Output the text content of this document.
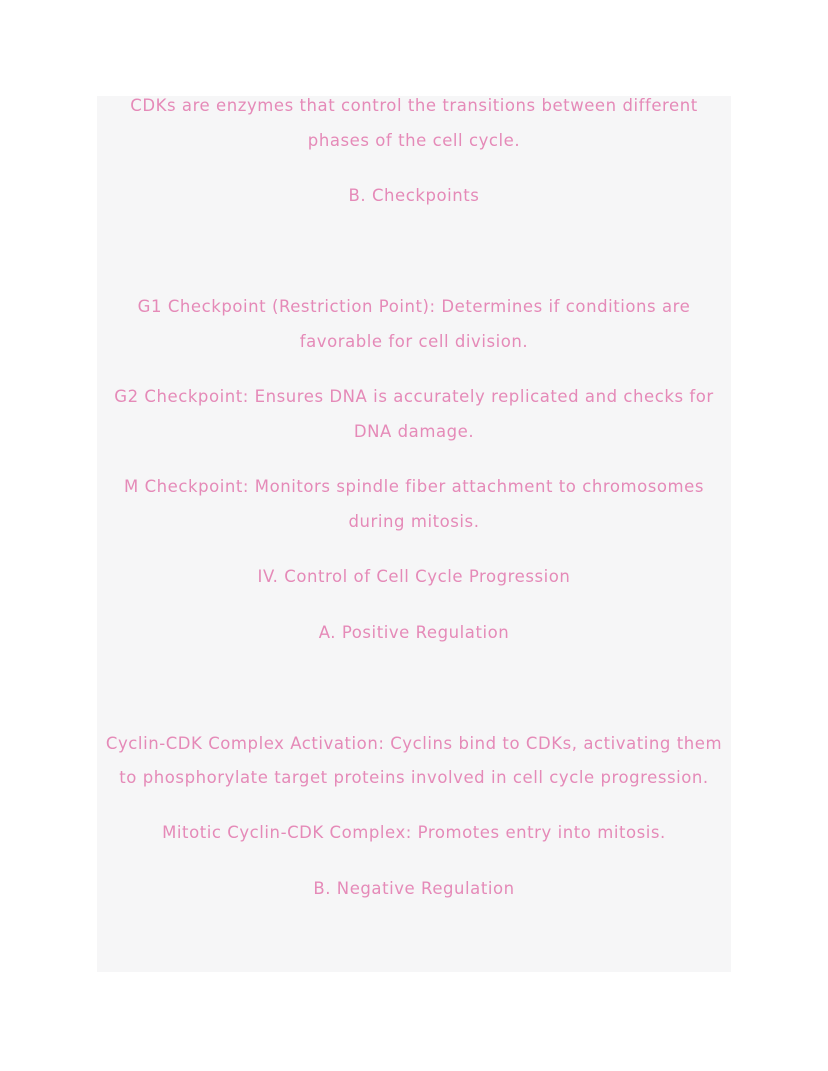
CDKs are enzymes that control the transitions between different
phases of the cell cycle.
B. Checkpoints
G1 Checkpoint (Restriction Point): Determines if conditions are
favorable for cell division.
G2 Checkpoint: Ensures DNA is accurately replicated and checks for
DNA damage.
M Checkpoint: Monitors spindle fiber attachment to chromosomes
during mitosis.
IV. Control of Cell Cycle Progression
A. Positive Regulation
Cyclin-CDK Complex Activation: Cyclins bind to CDKs, activating them
to phosphorylate target proteins involved in cell cycle progression.
Mitotic Cyclin-CDK Complex: Promotes entry into mitosis.
B. Negative Regulation
